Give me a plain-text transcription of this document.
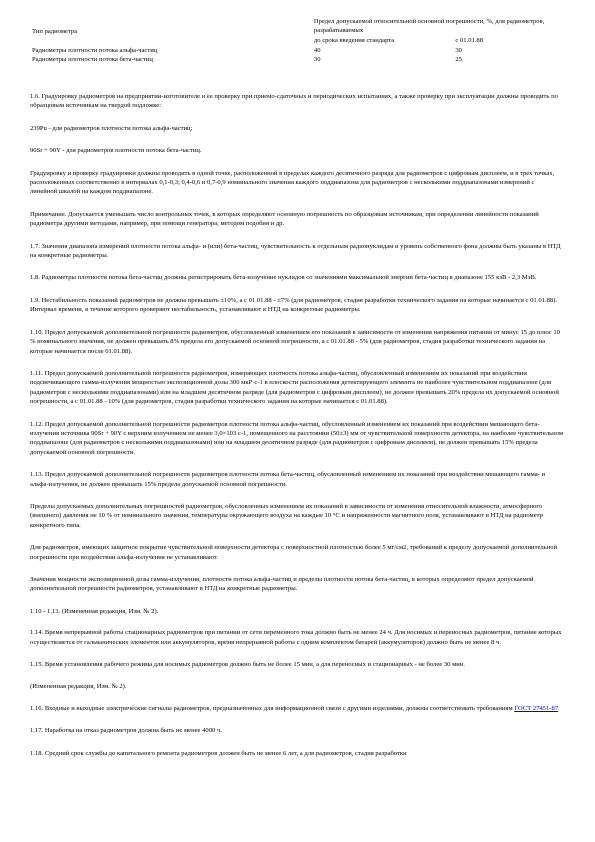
Тип радиометра	Предел допускаемой относительной основной погрешности, %, для радиометров, разрабатываемых	
	до срока введения стандарта	с 01.01.88
Радиометры плотности потока альфа-частиц	40	30
Радиометры плотности потока бета-частиц	30	25

1.6. Градуировку радиометров на предприятии-изготовителе и ее проверку при приемо-сдаточных и периодических испытаниях, а также проверку при эксплуатации должны проводить по образцовым источникам на твердой подложке:

239Pu - для радиометров плотности потока альфа-частиц;

90Sr + 90Y - для радиометров плотности потока бета-частиц.

Градуировку и проверку градуировки должны проводить в одной точке, расположенной в пределах каждого десятичного разряда для радиометров с цифровым дисплеем, и в трех точках, расположенных соответственно в интервалах 0,1-0,3; 0,4-0,6 и 0,7-0,9 номинального значения каждого поддиапазона для радиометров с несколькими поддиапазонами измерений с линейной шкалой на каждом поддиапазоне.

Примечание. Допускается уменьшать число контрольных точек, в которых определяют основную погрешность по образцовым источникам, при определении линейности показаний радиометра другими методами, например, при помощи генератора, методом подобия и др.

1.7. Значения диапазона измерений плотности потока альфа- и (или) бета-частиц, чувствительность к отдельным радионуклидам и уровень собственного фона должны быть указаны в НТД на конкретные радиометры.

1.8. Радиометры плотности потока бета-частиц должны регистрировать бета-излучение нуклидов со значениями максимальной энергии бета-частиц в диапазоне 155 кэВ - 2,3 МэВ.

1.9. Нестабильность показаний радиометров не должна превышать ±10%, а с 01.01.88 - ±7% (для радиометров, стадия разработки технического задания на которые начинается с 01.01.88). Интервал времени, в течение которого проверяют нестабильность, устанавливают в НТД на конкретные радиометры.

1.10. Предел допускаемой дополнительной погрешности радиометров, обусловленный изменением его показаний в зависимости от изменения напряжения питания от минус 15 до плюс 10 % номинального значения, не должен превышать 8% предела его допускаемой основной погрешности, а с 01.01.88 - 5% (для радиометров, стадия разработки технического задания на которые начинается после 01.01.88).

1.11. Предел допускаемой дополнительной погрешности радиометров, измеряющих плотность потока альфа-частиц, обусловленный изменением их показаний при воздействии подсвечивающего гамма-излучения мощностью экспозиционной дозы 300 мкР·с-1 в плоскости расположения детектирующего элемента не наиболее чувствительном поддиапазоне (для радиометров с несколькими поддиапазонами) или на младшем десятичном разряде (для радиометров с цифровым дисплеем), не должен превышать 20% предела их допускаемой основной погрешности, а с 01.01.88 - 10% (для радиометров, стадия разработки технического задания на которые начинается с 01.01.88).

1.12. Предел допускаемой дополнительной погрешности радиометров плотности потока альфа-частиц, обусловленный изменением их показаний при воздействии мешающего бета-излучения источника 90Sr + 90Y с верхним излучением не менее 3,0×103 с-1, помещенного на расстоянии (50±3) мм от чувствительной поверхности детектора, на наиболее чувствительном поддиапазоне (для радиометров с несколькими поддиапазонами) или на младшем десятичном разряде (для радиометров с цифровым дисплеем), не должен превышать 15% предела допускаемой основной погрешности.

1.13. Предел допускаемой дополнительной погрешности радиометров плотности потока бета-частиц, обусловленный изменением их показаний при воздействии мешающего гамма- и альфа-излучения, не должен превышать 15% предела допускаемой основной погрешности.

Пределы допускаемых дополнительных погрешностей радиометров, обусловленных изменением их показаний в зависимости от изменения относительной влажности, атмосферного (внешнего) давления не 10 % от номинального значения, температуры окружающего воздуха на каждые 10 °С и напряженности магнитного поля, устанавливают в НТД на радиометр конкретного типа.

Для радиометров, имеющих защитное покрытие чувствительной поверхности детектора с поверхностной плотностью более 5 мг/см2, требований к пределу допускаемой дополнительной погрешности при воздействии альфа-излучения не устанавливают.

Значения мощности экспозиционной дозы гамма-излучения, плотности потока альфа-частиц и пределы плотности потока бета-частиц, в которых определяют предел допускаемой дополнительной погрешности радиометров, устанавливают в НТД на конкретные радиометры.

1.10 - 1.13. (Измененная редакция, Изм. № 2).

1.14. Время непрерывной работы стационарных радиометров при питании от сети переменного тока должно быть не менее 24 ч. Для носимых и переносных радиометров, питание которых осуществляется от гальванических элементов или аккумуляторов, время непрерывной работы с одним комплектом батарей (аккумуляторов) должно быть не менее 8 ч.

1.15. Время установления рабочего режима для носимых радиометров должно быть не более 15 мин, а для переносных и стационарных - не более 30 мин.

(Измененная редакция, Изм. № 2).

1.16. Входные и выходные электрические сигналы радиометров, предназначенных для информационной связи с другими изделиями, должны соответствовать требованиям ГОСТ 27451-87.

1.17. Наработка на отказ радиометров должна быть не менее 4000 ч.

1.18. Средний срок службы до капитального ремонта радиометров должен быть не менее 6 лет, а для радиометров, стадия разработки
